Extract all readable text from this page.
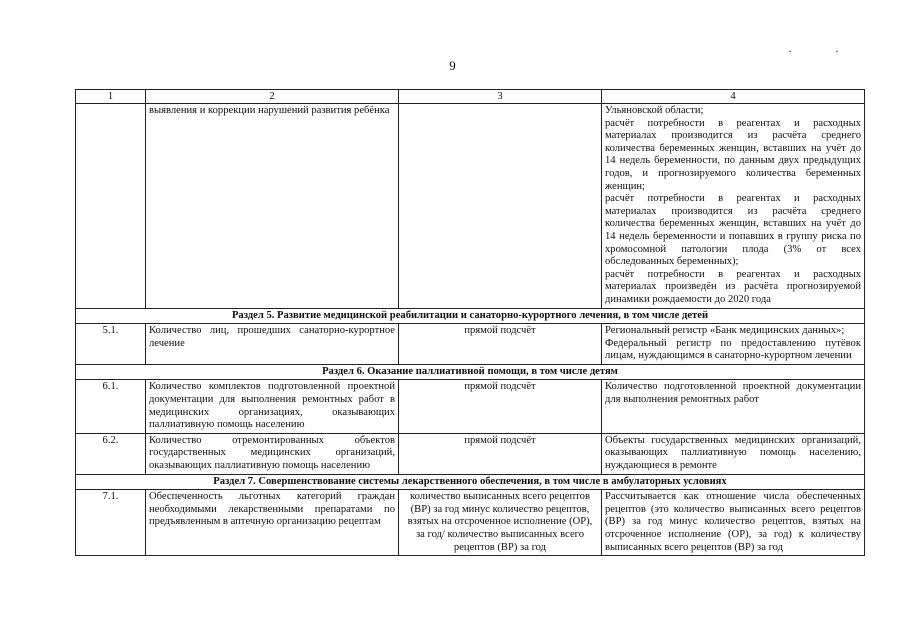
9
· ·
1	2	3	4
	выявления и коррекции нарушений развития ребёнка		Ульяновской области;
расчёт потребности в реагентах и расходных материалах производится из расчёта среднего количества беременных женщин, вставших на учёт до 14 недель беременности, по данным двух предыдущих годов, и прогнозируемого количества беременных женщин;
расчёт потребности в реагентах и расходных материалах производится из расчёта среднего количества беременных женщин, вставших на учёт до 14 недель беременности и попавших в группу риска по хромосомной патологии плода (3% от всех обследованных беременных);
расчёт потребности в реагентах и расходных материалах произведён из расчёта прогнозируемой динамики рождаемости до 2020 года
Раздел 5. Развитие медицинской реабилитации и санаторно-курортного лечения, в том числе детей			
5.1.	Количество лиц, прошедших санаторно-курортное лечение	прямой подсчёт	Региональный регистр «Банк медицинских данных»;
Федеральный регистр по предоставлению путёвок лицам, нуждающимся в санаторно-курортном лечении
Раздел 6. Оказание паллиативной помощи, в том числе детям			
6.1.	Количество комплектов подготовленной проектной документации для выполнения ремонтных работ в медицинских организациях, оказывающих паллиативную помощь населению	прямой подсчёт	Количество подготовленной проектной документации для выполнения ремонтных работ
6.2.	Количество отремонтированных объектов государственных медицинских организаций, оказывающих паллиативную помощь населению	прямой подсчёт	Объекты государственных медицинских организаций, оказывающих паллиативную помощь населению, нуждающиеся в ремонте
Раздел 7. Совершенствование системы лекарственного обеспечения, в том числе в амбулаторных условиях			
7.1.	Обеспеченность льготных категорий граждан необходимыми лекарственными препаратами по предъявленным в аптечную организацию рецептам	количество выписанных всего рецептов (ВР) за год минус количество рецептов, взятых на отсроченное исполнение (ОР), за год/ количество выписанных всего рецептов (ВР) за год	Рассчитывается как отношение числа обеспеченных рецептов (это количество выписанных всего рецептов (ВР) за год минус количество рецептов, взятых на отсроченное исполнение (ОР), за год) к количеству выписанных всего рецептов (ВР) за год
